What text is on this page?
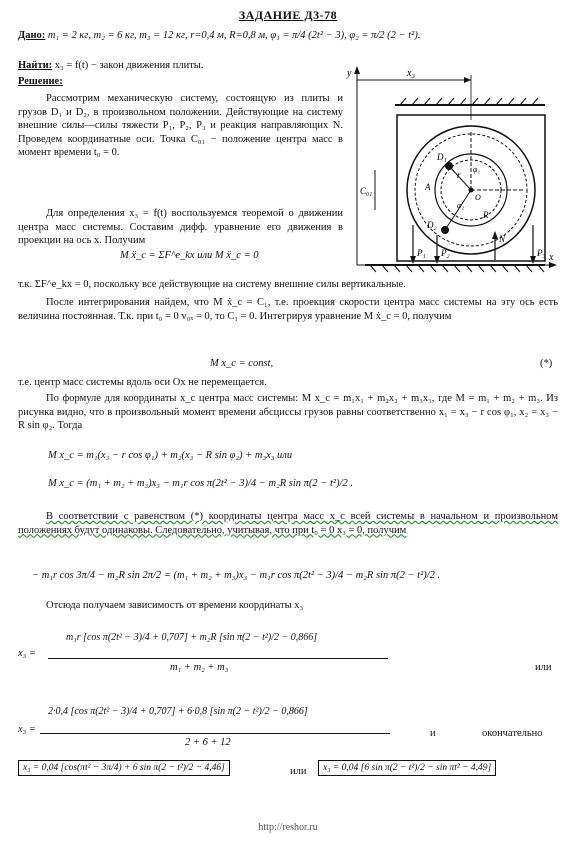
ЗАДАНИЕ Д3-78
Дано: m₁ = 2 кг, m₂ = 6 кг, m₃ = 12 кг, r=0,4 м, R=0,8 м, φ₁ = π/4 (2t² − 3), φ₂ = π/2 (2 − t²).
Найти: x₃ = f(t) − закон движения плиты.
Решение:
Рассмотрим механическую систему, состоящую из плиты и грузов D₁ и D₂, в произвольном положении. Действующие на систему внешние силы—силы тяжести P₁, P₂, P₃ и реакция направляющих N. Проведем координатные оси. Точка C₀₁ − положение центра масс в момент времени t₀ = 0.
Для определения x₃ = f(t) воспользуемся теоремой о движении центра масс системы. Составим дифф. уравнение его движения в проекции на ось x. Получим
M ẍ_c = ΣF^e_kx или M ẍ_c = 0
y
x
x₃
C₀₁
D₁
D₂
P₁ P₂	P₃
N
R
r
A
φ₁
φ₂
O
т.к. ΣF^e_kx = 0, поскольку все действующие на систему внешние силы вертикальные.
После интегрирования найдем, что M ẋ_c = C₁, т.е. проекция скорости центра масс системы на эту ось есть величина постоянная. Т.к. при t₀ = 0 v₀ₓ = 0, то C₁ = 0. Интегрируя уравнение M ẋ_c = 0, получим
M x_c = const,	(*)
т.е. центр масс системы вдоль оси Ox не перемещается.
По формуле для координаты x_c центра масс системы: M x_c = m₁x₁ + m₂x₂ + m₃x₃, где M = m₁ + m₂ + m₃. Из рисунка видно, что в произвольный момент времени абсциссы грузов равны соответственно x₁ = x₃ − r cos φ₁, x₂ = x₃ − R sin φ₂. Тогда
M x_c = m₁(x₃ − r cos φ₁) + m₂(x₃ − R sin φ₂) + m₃x₃ или
M x_c = (m₁ + m₂ + m₃)x₃ − m₁r cos π(2t² − 3)/4 − m₂R sin π(2 − t²)/2 .
В соответствии с равенством (*) координаты центра масс x_c всей системы в начальном и произвольном положениях будут одинаковы. Следовательно, учитывая, что при t₀ = 0 x₃ = 0, получим
− m₁r cos 3π/4 − m₂R sin 2π/2 = (m₁ + m₂ + m₃)x₃ − m₁r cos π(2t² − 3)/4 − m₂R sin π(2 − t²)/2 .
Отсюда получаем зависимость от времени координаты x₃
x₃ =
m₁r [cos π(2t² − 3)/4 + 0,707] + m₂R [sin π(2 − t²)/2 − 0,866]
m₁ + m₂ + m₃	или
x₃ =
2·0,4 [cos π(2t² − 3)/4 + 0,707] + 6·0,8 [sin π(2 − t²)/2 − 0,866]
2 + 6 + 12
и	окончательно
x₃ = 0,04 [cos(πt² − 3π/4) + 6 sin π(2 − t²)/2 − 4,46]	или	x₃ = 0,04 [6 sin π(2 − t²)/2 − sin πt² − 4,49]
http://reshor.ru
